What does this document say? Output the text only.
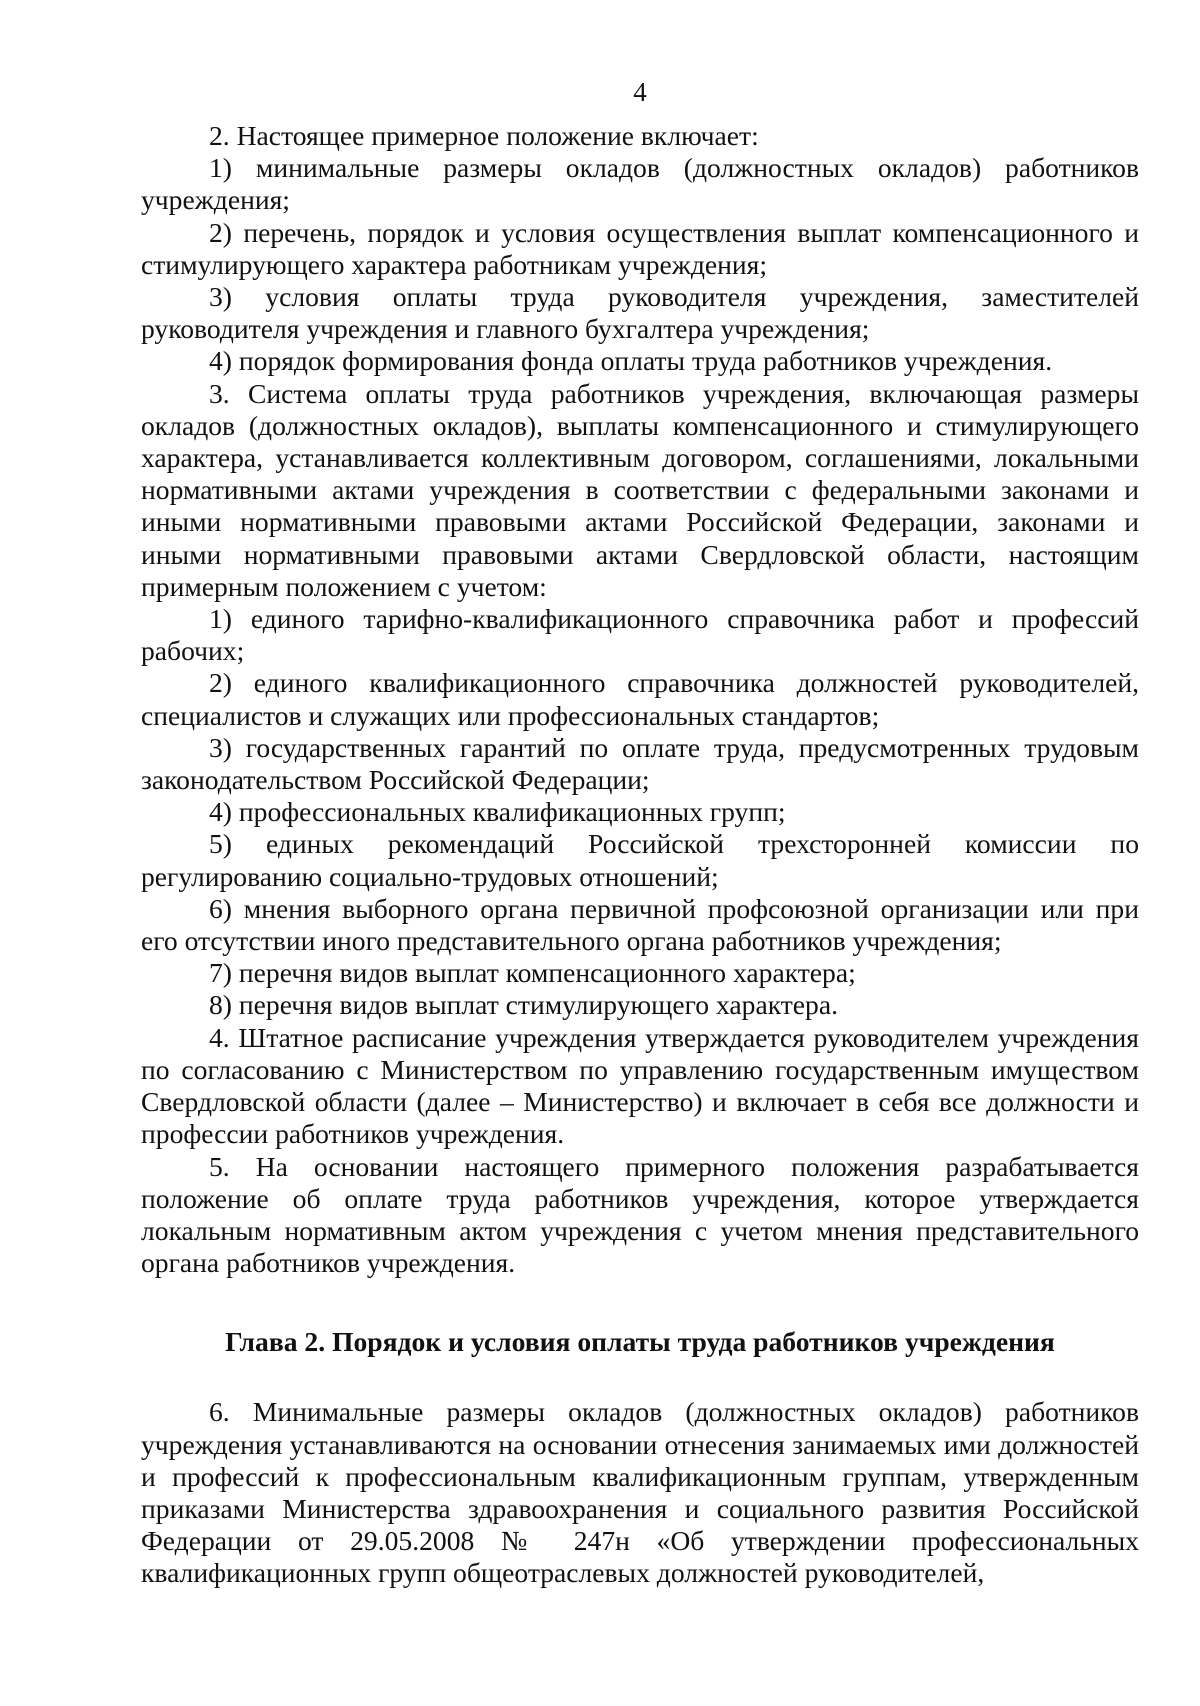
4

2. Настоящее примерное положение включает:

1) минимальные размеры окладов (должностных окладов) работников учреждения;

2) перечень, порядок и условия осуществления выплат компенсационного и стимулирующего характера работникам учреждения;

3) условия оплаты труда руководителя учреждения, заместителей руководителя учреждения и главного бухгалтера учреждения;

4) порядок формирования фонда оплаты труда работников учреждения.

3. Система оплаты труда работников учреждения, включающая размеры окладов (должностных окладов), выплаты компенсационного и стимулирующего характера, устанавливается коллективным договором, соглашениями, локальными нормативными актами учреждения в соответствии с федеральными законами и иными нормативными правовыми актами Российской Федерации, законами и иными нормативными правовыми актами Свердловской области, настоящим примерным положением с учетом:

1) единого тарифно-квалификационного справочника работ и профессий рабочих;

2) единого квалификационного справочника должностей руководителей, специалистов и служащих или профессиональных стандартов;

3) государственных гарантий по оплате труда, предусмотренных трудовым законодательством Российской Федерации;

4) профессиональных квалификационных групп;

5) единых рекомендаций Российской трехсторонней комиссии по регулированию социально-трудовых отношений;

6) мнения выборного органа первичной профсоюзной организации или при его отсутствии иного представительного органа работников учреждения;

7) перечня видов выплат компенсационного характера;

8) перечня видов выплат стимулирующего характера.

4. Штатное расписание учреждения утверждается руководителем учреждения по согласованию с Министерством по управлению государственным имуществом Свердловской области (далее – Министерство) и включает в себя все должности и профессии работников учреждения.

5. На основании настоящего примерного положения разрабатывается положение об оплате труда работников учреждения, которое утверждается локальным нормативным актом учреждения с учетом мнения представительного органа работников учреждения.

Глава 2. Порядок и условия оплаты труда работников учреждения

6. Минимальные размеры окладов (должностных окладов) работников учреждения устанавливаются на основании отнесения занимаемых ими должностей и профессий к профессиональным квалификационным группам, утвержденным приказами Министерства здравоохранения и социального развития Российской Федерации от 29.05.2008 № 247н «Об утверждении профессиональных квалификационных групп общеотраслевых должностей руководителей,
